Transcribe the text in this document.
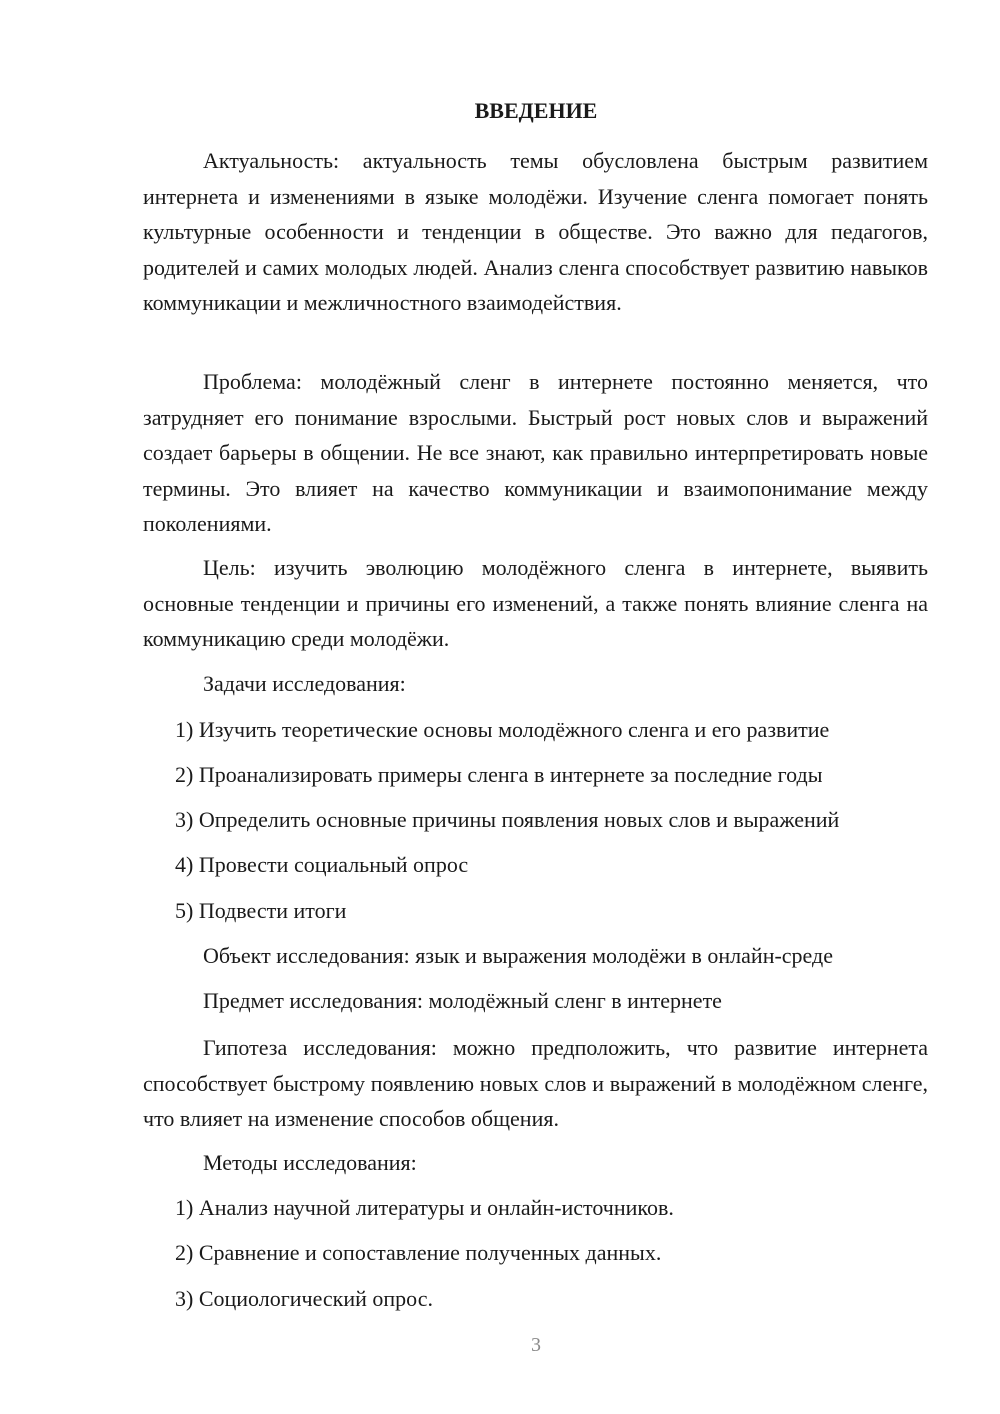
ВВЕДЕНИЕ

Актуальность: актуальность темы обусловлена быстрым развитием интернета и изменениями в языке молодёжи. Изучение сленга помогает понять культурные особенности и тенденции в обществе. Это важно для педагогов, родителей и самих молодых людей. Анализ сленга способствует развитию навыков коммуникации и межличностного взаимодействия.

Проблема: молодёжный сленг в интернете постоянно меняется, что затрудняет его понимание взрослыми. Быстрый рост новых слов и выражений создает барьеры в общении. Не все знают, как правильно интерпретировать новые термины. Это влияет на качество коммуникации и взаимопонимание между поколениями.

Цель: изучить эволюцию молодёжного сленга в интернете, выявить основные тенденции и причины его изменений, а также понять влияние сленга на коммуникацию среди молодёжи.

Задачи исследования:

1) Изучить теоретические основы молодёжного сленга и его развитие

2) Проанализировать примеры сленга в интернете за последние годы

3) Определить основные причины появления новых слов и выражений

4) Провести социальный опрос

5) Подвести итоги

Объект исследования: язык и выражения молодёжи в онлайн-среде

Предмет исследования: молодёжный сленг в интернете

Гипотеза исследования: можно предположить, что развитие интернета способствует быстрому появлению новых слов и выражений в молодёжном сленге, что влияет на изменение способов общения.

Методы исследования:

1) Анализ научной литературы и онлайн-источников.

2) Сравнение и сопоставление полученных данных.

3) Социологический опрос.

3
